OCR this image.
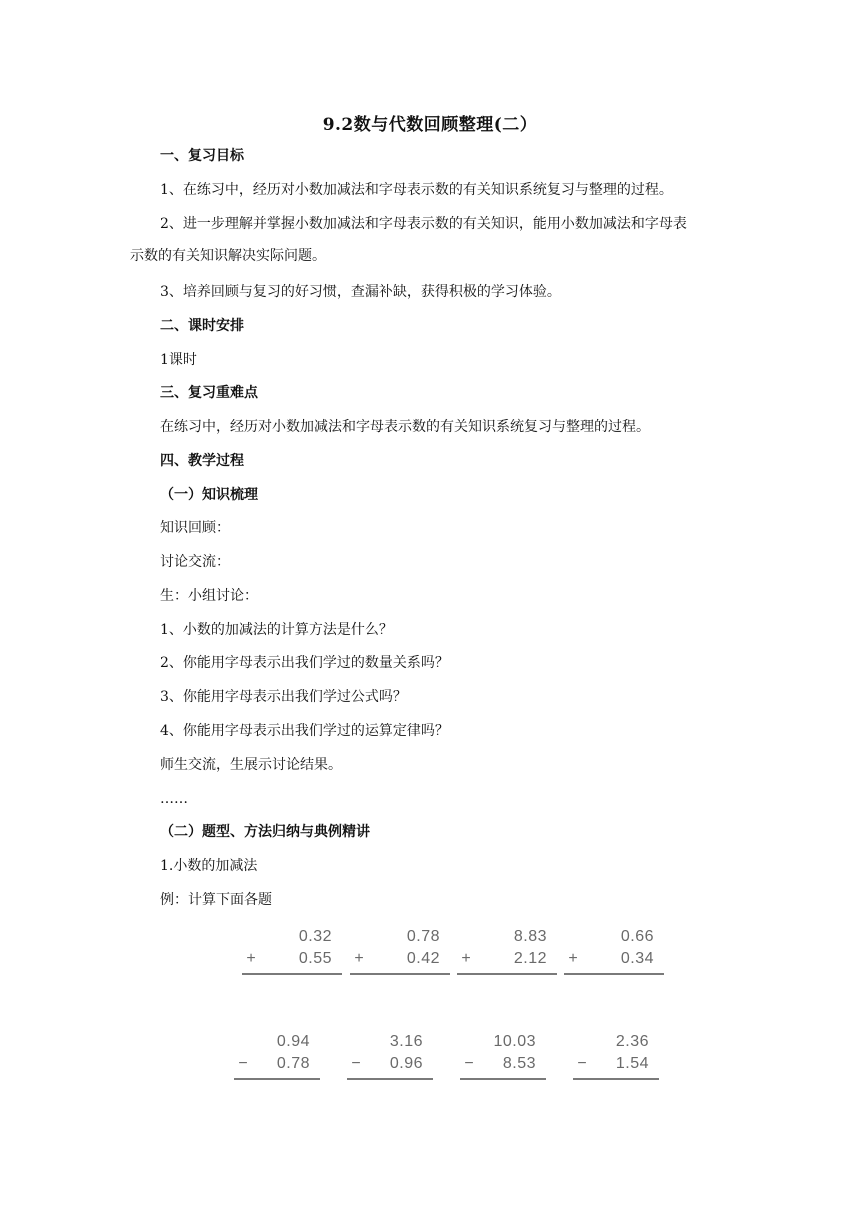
9.2数与代数回顾整理(二）
一、复习目标
1、在练习中，经历对小数加减法和字母表示数的有关知识系统复习与整理的过程。
2、进一步理解并掌握小数加减法和字母表示数的有关知识，能用小数加减法和字母表
示数的有关知识解决实际问题。
3、培养回顾与复习的好习惯，查漏补缺，获得积极的学习体验。
二、课时安排
1课时
三、复习重难点
在练习中，经历对小数加减法和字母表示数的有关知识系统复习与整理的过程。
四、教学过程
（一）知识梳理
知识回顾：
讨论交流：
生：小组讨论：
1、小数的加减法的计算方法是什么？
2、你能用字母表示出我们学过的数量关系吗？
3、你能用字母表示出我们学过公式吗？
4、你能用字母表示出我们学过的运算定律吗？
师生交流，生展示讨论结果。
……
（二）题型、方法归纳与典例精讲
1.小数的加减法
例：计算下面各题
0.32
+	0.55
0.78
+	0.42
8.83
+	2.12
0.66
+	0.34
0.94
− 0.78
3.16
− 0.96
10.03
− 8.53
2.36
− 1.54
